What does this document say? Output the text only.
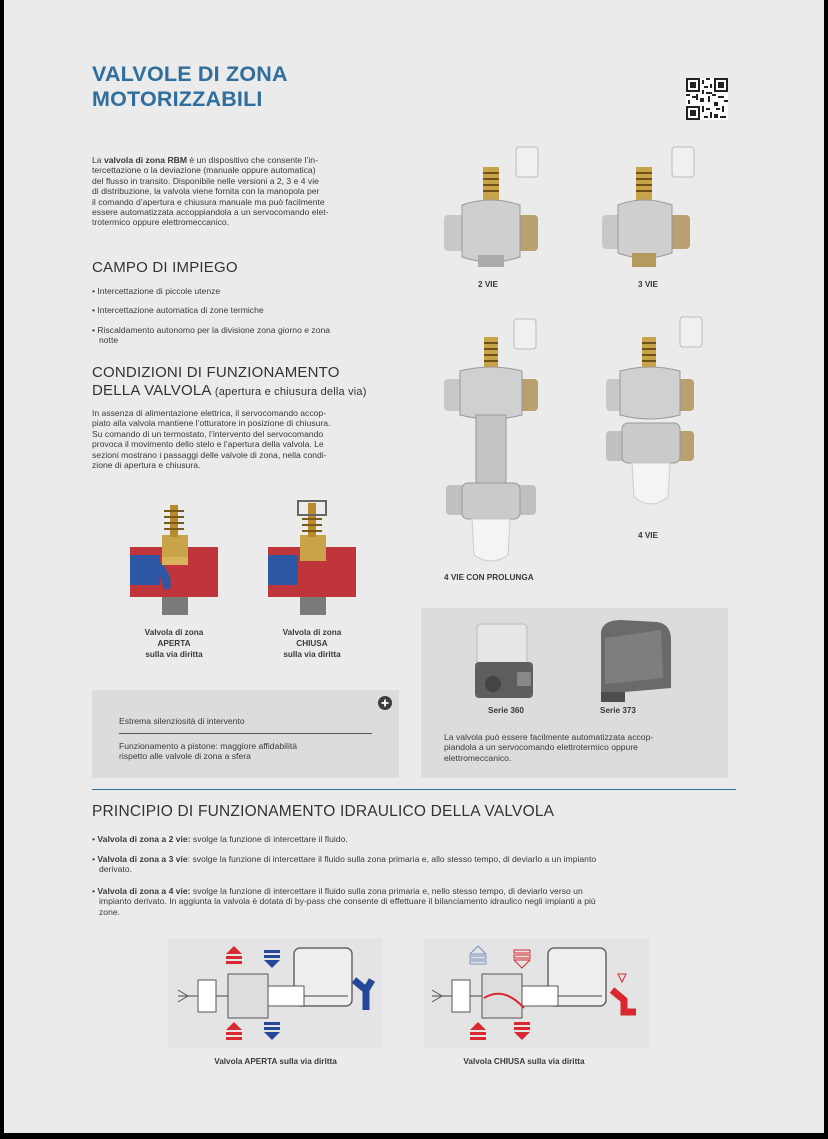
VALVOLE DI ZONA
MOTORIZZABILI
La valvola di zona RBM è un dispositivo che consente l’in-
tercettazione o la deviazione (manuale oppure automatica)
del flusso in transito. Disponibile nelle versioni a 2, 3 e 4 vie
di distribuzione, la valvola viene fornita con la manopola per
il comando d’apertura e chiusura manuale ma può facilmente
essere automatizzata accoppiandola a un servocomando elet-
trotermico oppure elettromeccanico.
CAMPO DI IMPIEGO
• Intercettazione di piccole utenze
• Intercettazione automatica di zone termiche
• Riscaldamento autonomo per la divisione zona giorno e zona
notte
CONDIZIONI DI FUNZIONAMENTO
DELLA VALVOLA (apertura e chiusura della via)
In assenza di alimentazione elettrica, il servocomando accop-
piato alla valvola mantiene l’otturatore in posizione di chiusura.
Su comando di un termostato, l’intervento del servocomando
provoca il movimento dello stelo e l’apertura della valvola. Le
sezioni mostrano i passaggi delle valvole di zona, nella condi-
zione di apertura e chiusura.
Valvola di zona
APERTA
sulla via diritta
Valvola di zona
CHIUSA
sulla via diritta
2 VIE	3 VIE
4 VIE CON PROLUNGA
4 VIE
Estrema silenziosità di intervento
Funzionamento a pistone: maggiore affidabilità
rispetto alle valvole di zona a sfera
Serie 360	Serie 373
La valvola può essere facilmente automatizzata accop-
piandola a un servocomando elettrotermico oppure
elettromeccanico.
PRINCIPIO DI FUNZIONAMENTO IDRAULICO DELLA VALVOLA
• Valvola di zona a 2 vie: svolge la funzione di intercettare il fluido.
• Valvola di zona a 3 vie: svolge la funzione di intercettare il fluido sulla zona primaria e, allo stesso tempo, di deviarlo a un impianto
derivato.
• Valvola di zona a 4 vie: svolge la funzione di intercettare il fluido sulla zona primaria e, nello stesso tempo, di deviarlo verso un
impianto derivato. In aggiunta la valvola è dotata di by-pass che consente di effettuare il bilanciamento idraulico negli impianti a più
zone.
Valvola APERTA sulla via diritta	Valvola CHIUSA sulla via diritta
